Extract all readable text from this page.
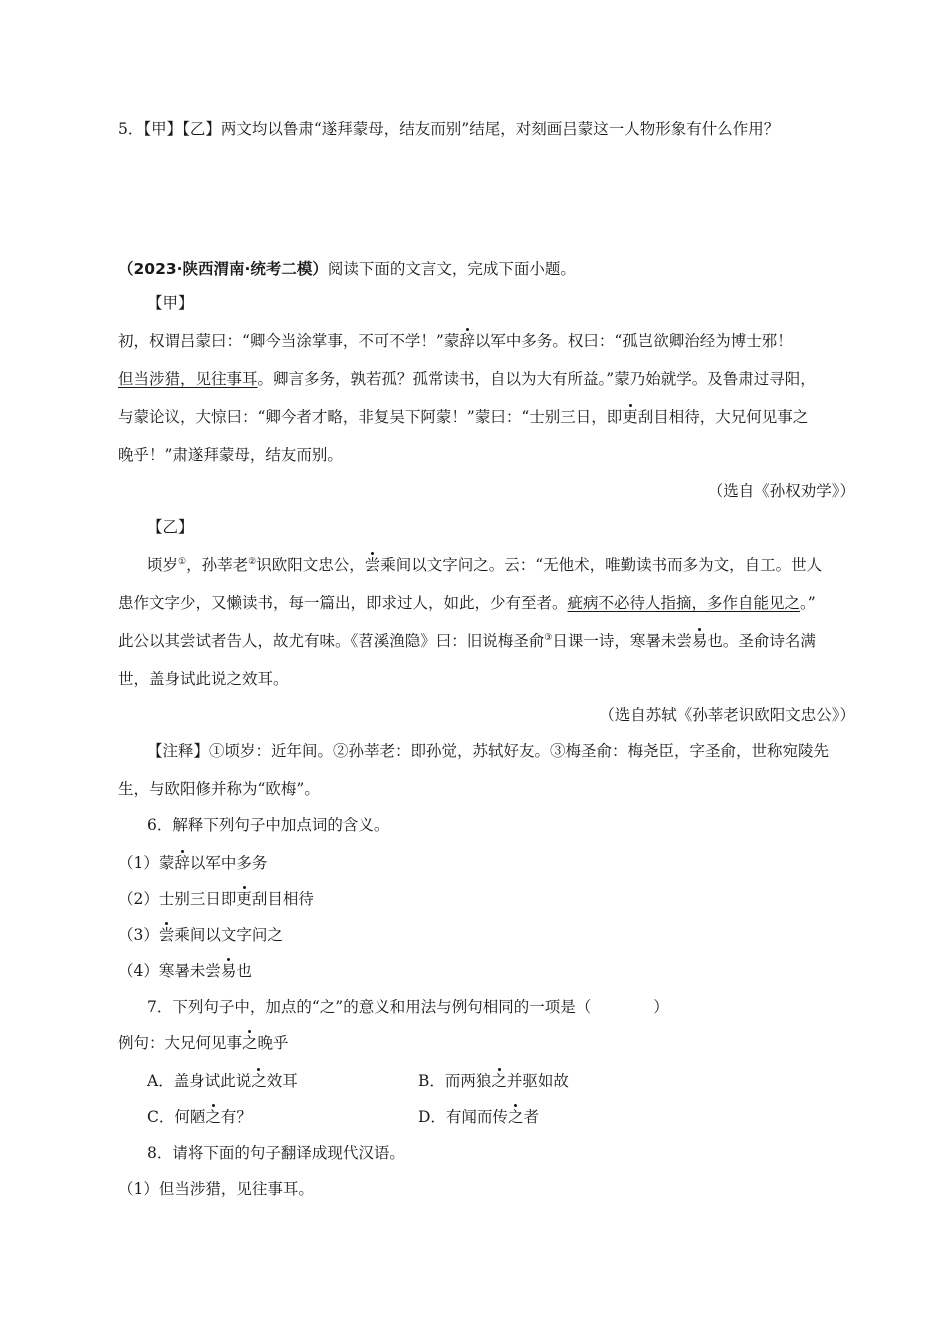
5．【甲】【乙】两文均以鲁肃“遂拜蒙母，结友而别”结尾，对刻画吕蒙这一人物形象有什么作用？
（2023·陕西渭南·统考二模）阅读下面的文言文，完成下面小题。
【甲】
初，权谓吕蒙曰：“卿今当涂掌事，不可不学！”蒙辞以军中多务。权曰：“孤岂欲卿治经为博士邪！
但当涉猎，见往事耳。卿言多务，孰若孤？孤常读书，自以为大有所益。”蒙乃始就学。及鲁肃过寻阳，
与蒙论议，大惊曰：“卿今者才略，非复吴下阿蒙！”蒙曰：“士别三日，即更刮目相待，大兄何见事之
晚乎！”肃遂拜蒙母，结友而别。
（选自《孙权劝学》）
【乙】
顷岁①，孙莘老②识欧阳文忠公，尝乘间以文字问之。云：“无他术，唯勤读书而多为文，自工。世人
患作文字少，又懒读书，每一篇出，即求过人，如此，少有至者。疵病不必待人指摘，多作自能见之。”
此公以其尝试者告人，故尤有味。《苕溪渔隐》曰：旧说梅圣俞③日课一诗，寒暑未尝易也。圣俞诗名满
世，盖身试此说之效耳。
（选自苏轼《孙莘老识欧阳文忠公》）
【注释】①顷岁：近年间。②孙莘老：即孙觉，苏轼好友。③梅圣俞：梅尧臣，字圣俞，世称宛陵先
生，与欧阳修并称为“欧梅”。
6．解释下列句子中加点词的含义。
（1）蒙辞以军中多务
（2）士别三日即更刮目相待
（3）尝乘间以文字问之
（4）寒暑未尝易也
7．下列句子中，加点的“之”的意义和用法与例句相同的一项是（　　　　）
例句：大兄何见事之晚乎
A．盖身试此说之效耳	B．而两狼之并驱如故
C．何陋之有？	D．有闻而传之者
8．请将下面的句子翻译成现代汉语。
（1）但当涉猎，见往事耳。
